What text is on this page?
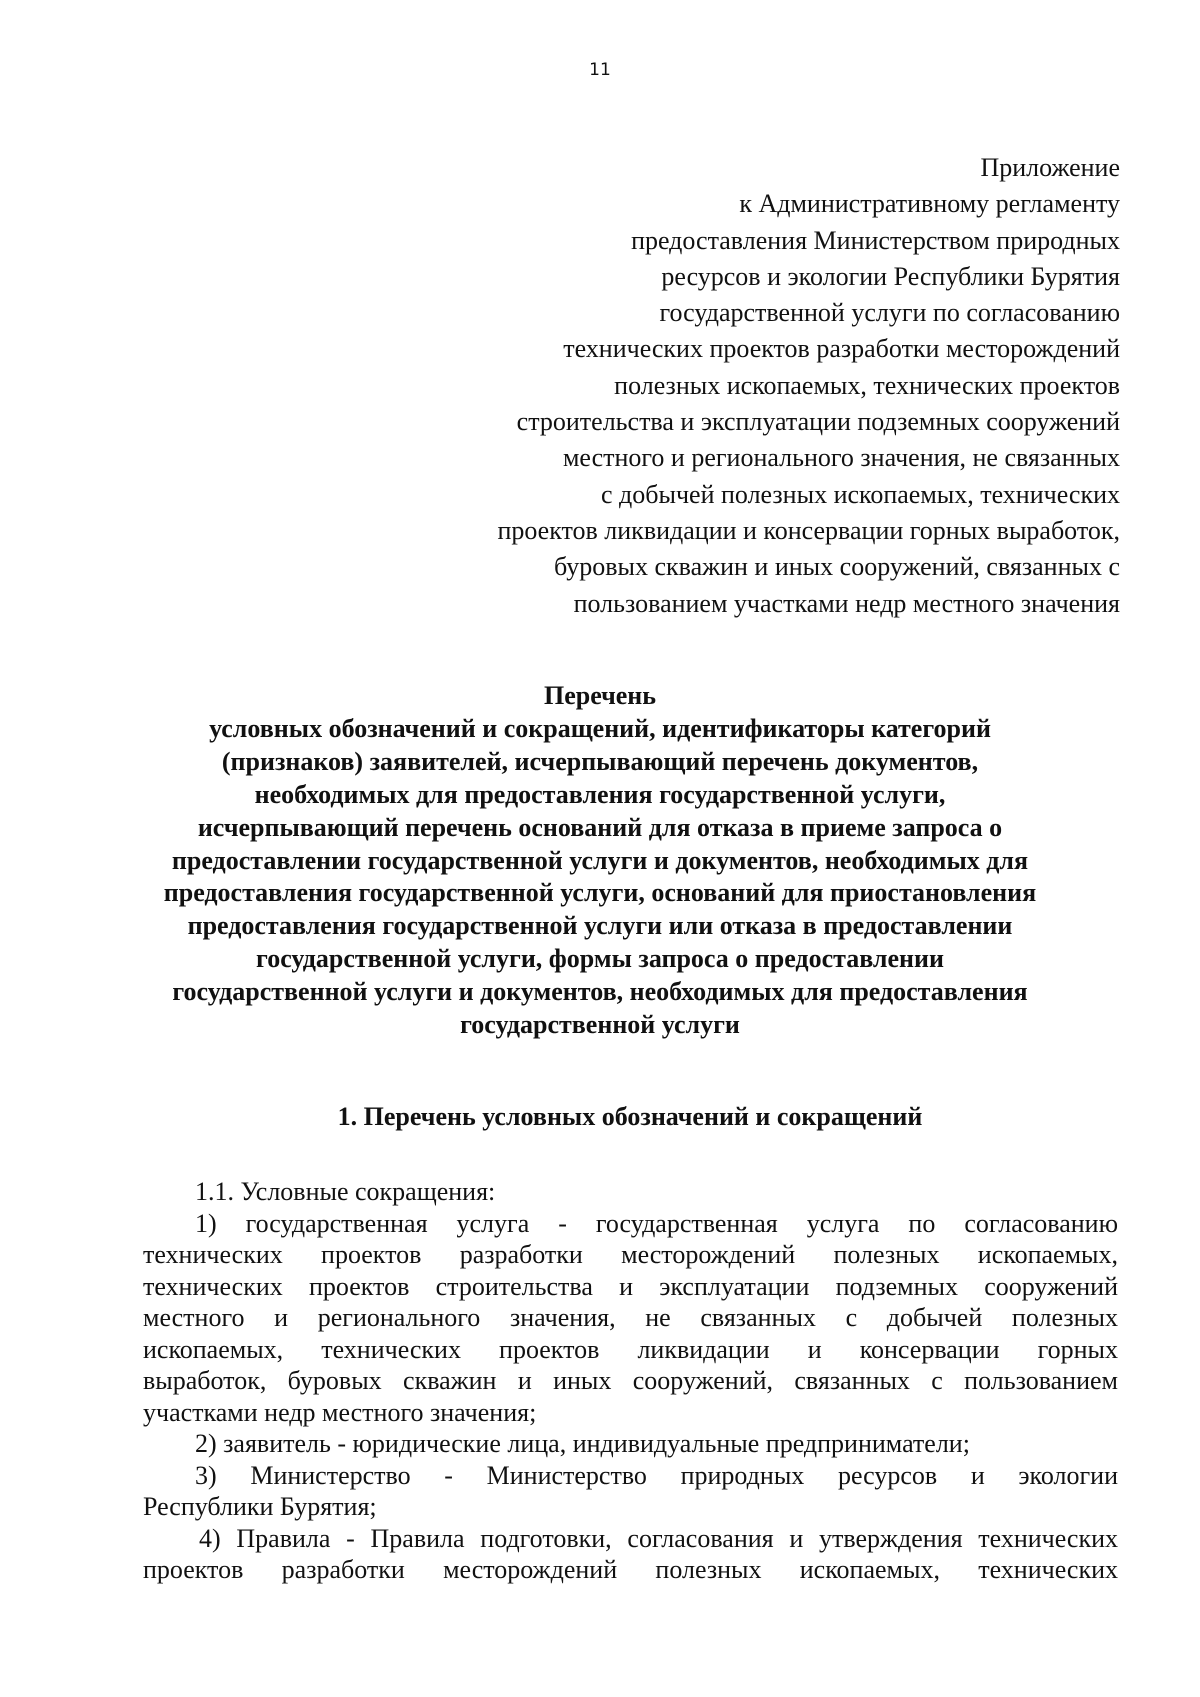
11
Приложение
к Административному регламенту
предоставления Министерством природных
ресурсов и экологии Республики Бурятия
государственной услуги по согласованию
технических проектов разработки месторождений
полезных ископаемых, технических проектов
строительства и эксплуатации подземных сооружений
местного и регионального значения, не связанных
с добычей полезных ископаемых, технических
проектов ликвидации и консервации горных выработок,
буровых скважин и иных сооружений, связанных с
пользованием участками недр местного значения
Перечень
условных обозначений и сокращений, идентификаторы категорий
(признаков) заявителей, исчерпывающий перечень документов,
необходимых для предоставления государственной услуги,
исчерпывающий перечень оснований для отказа в приеме запроса о
предоставлении государственной услуги и документов, необходимых для
предоставления государственной услуги, оснований для приостановления
предоставления государственной услуги или отказа в предоставлении
государственной услуги, формы запроса о предоставлении
государственной услуги и документов, необходимых для предоставления
государственной услуги
1. Перечень условных обозначений и сокращений
1.1. Условные сокращения:
1) государственная услуга - государственная услуга по согласованию
технических проектов разработки месторождений полезных ископаемых,
технических проектов строительства и эксплуатации подземных сооружений
местного и регионального значения, не связанных с добычей полезных
ископаемых, технических проектов ликвидации и консервации горных
выработок, буровых скважин и иных сооружений, связанных с пользованием
участками недр местного значения;
2) заявитель - юридические лица, индивидуальные предприниматели;
3) Министерство - Министерство природных ресурсов и экологии
Республики Бурятия;
4) Правила - Правила подготовки, согласования и утверждения технических
проектов разработки месторождений полезных ископаемых, технических
